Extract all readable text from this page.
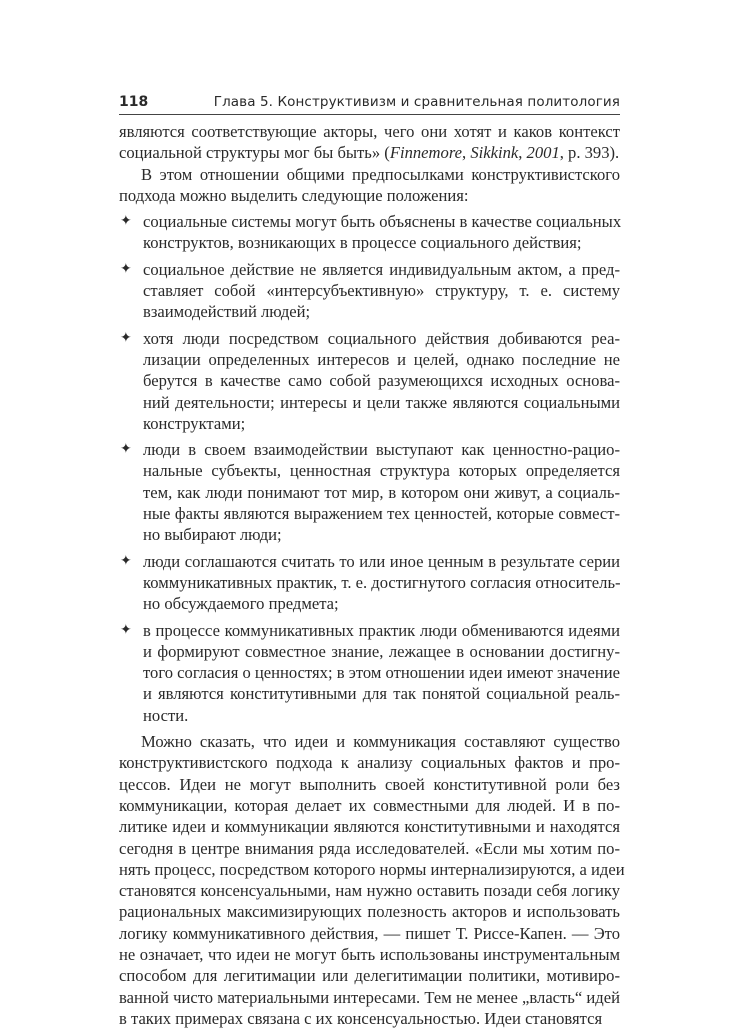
118	Глава 5. Конструктивизм и сравнительная политология
являются соответствующие акторы, чего они хотят и каков контекст
социальной структуры мог бы быть» (Finnemore, Sikkink, 2001, p. 393).
В этом отношении общими предпосылками конструктивистского
подхода можно выделить следующие положения:
✦ социальные системы могут быть объяснены в качестве социальных
конструктов, возникающих в процессе социального действия;
✦ социальное действие не является индивидуальным актом, а пред-
ставляет собой «интерсубъективную» структуру, т. е. систему
взаимодействий людей;
✦ хотя люди посредством социального действия добиваются реа-
лизации определенных интересов и целей, однако последние не
берутся в качестве само собой разумеющихся исходных основа-
ний деятельности; интересы и цели также являются социальными
конструктами;
✦ люди в своем взаимодействии выступают как ценностно-рацио-
нальные субъекты, ценностная структура которых определяется
тем, как люди понимают тот мир, в котором они живут, а социаль-
ные факты являются выражением тех ценностей, которые совмест-
но выбирают люди;
✦ люди соглашаются считать то или иное ценным в результате серии
коммуникативных практик, т. е. достигнутого согласия относитель-
но обсуждаемого предмета;
✦ в процессе коммуникативных практик люди обмениваются идеями
и формируют совместное знание, лежащее в основании достигну-
того согласия о ценностях; в этом отношении идеи имеют значение
и являются конститутивными для так понятой социальной реаль-
ности.
Можно сказать, что идеи и коммуникация составляют существо
конструктивистского подхода к анализу социальных фактов и про-
цессов. Идеи не могут выполнить своей конститутивной роли без
коммуникации, которая делает их совместными для людей. И в по-
литике идеи и коммуникации являются конститутивными и находятся
сегодня в центре внимания ряда исследователей. «Если мы хотим по-
нять процесс, посредством которого нормы интернализируются, а идеи
становятся консенсуальными, нам нужно оставить позади себя логику
рациональных максимизирующих полезность акторов и использовать
логику коммуникативного действия, — пишет Т. Риссе-Капен. — Это
не означает, что идеи не могут быть использованы инструментальным
способом для легитимации или делегитимации политики, мотивиро-
ванной чисто материальными интересами. Тем не менее „власть“ идей
в таких примерах связана с их консенсуальностью. Идеи становятся
